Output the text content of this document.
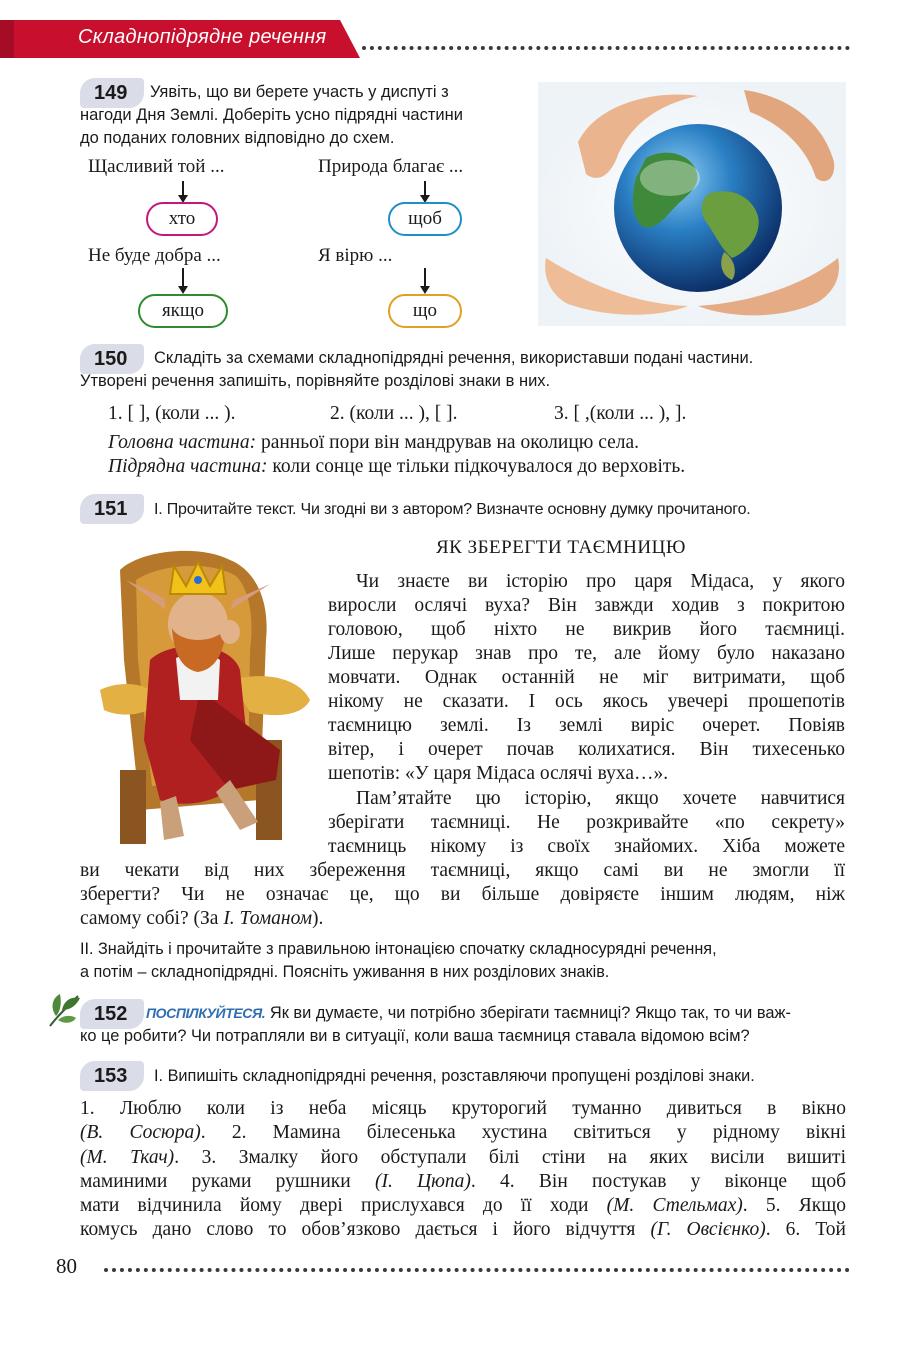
Складнопідрядне речення
149	Уявіть, що ви берете участь у диспуті з
нагоди Дня Землі. Доберіть усно підрядні частини
до поданих головних відповідно до схем.
Щасливий той ...
хто
Природа благає ...
щоб
Не буде добра ...
якщо
Я вірю ...
що
150	Складіть за схемами складнопідрядні речення, використавши подані частини.
Утворені речення запишіть, порівняйте розділові знаки в них.
1. [ ], (коли ... ).	2. (коли ... ), [ ].	3. [ ,(коли ... ), ].
Головна частина: ранньої пори він мандрував на околицю села.
Підрядна частина: коли сонце ще тільки підкочувалося до верховіть.
151	I. Прочитайте текст. Чи згодні ви з автором? Визначте основну думку прочитаного.
ЯК ЗБЕРЕГТИ ТАЄМНИЦЮ
Чи знаєте ви історію про царя Мідаса, у якого
виросли ослячі вуха? Він завжди ходив з покритою
головою, щоб ніхто не викрив його таємниці.
Лише перукар знав про те, але йому було наказано
мовчати. Однак останній не міг витримати, щоб
нікому не сказати. І ось якось увечері прошепотів
таємницю землі. Із землі виріс очерет. Повіяв
вітер, і очерет почав колихатися. Він тихесенько
шепотів: «У царя Мідаса ослячі вуха…».
Пам’ятайте цю історію, якщо хочете навчитися
зберігати таємниці. Не розкривайте «по секрету»
таємниць нікому із своїх знайомих. Хіба можете
ви чекати від них збереження таємниці, якщо самі ви не змогли її
зберегти? Чи не означає це, що ви більше довіряєте іншим людям, ніж
самому собі? (За І. Томаном).
II. Знайдіть і прочитайте з правильною інтонацією спочатку складносурядні речення,
а потім – складнопідрядні. Поясніть уживання в них розділових знаків.
152	ПОСПІЛКУЙТЕСЯ. Як ви думаєте, чи потрібно зберігати таємниці? Якщо так, то чи важ-
ко це робити? Чи потрапляли ви в ситуації, коли ваша таємниця ставала відомою всім?
153	I. Випишіть складнопідрядні речення, розставляючи пропущені розділові знаки.
1. Люблю коли із неба місяць круторогий туманно дивиться в вікно
(В. Сосюра). 2. Мамина білесенька хустина світиться у рідному вікні
(М. Ткач). 3. Змалку його обступали білі стіни на яких висіли вишиті
маминими руками рушники (І. Цюпа). 4. Він постукав у віконце щоб
мати відчинила йому двері прислухався до її ходи (М. Стельмах). 5. Якщо
комусь дано слово то обов’язково дається і його відчуття (Г. Овсієнко). 6. Той
80
